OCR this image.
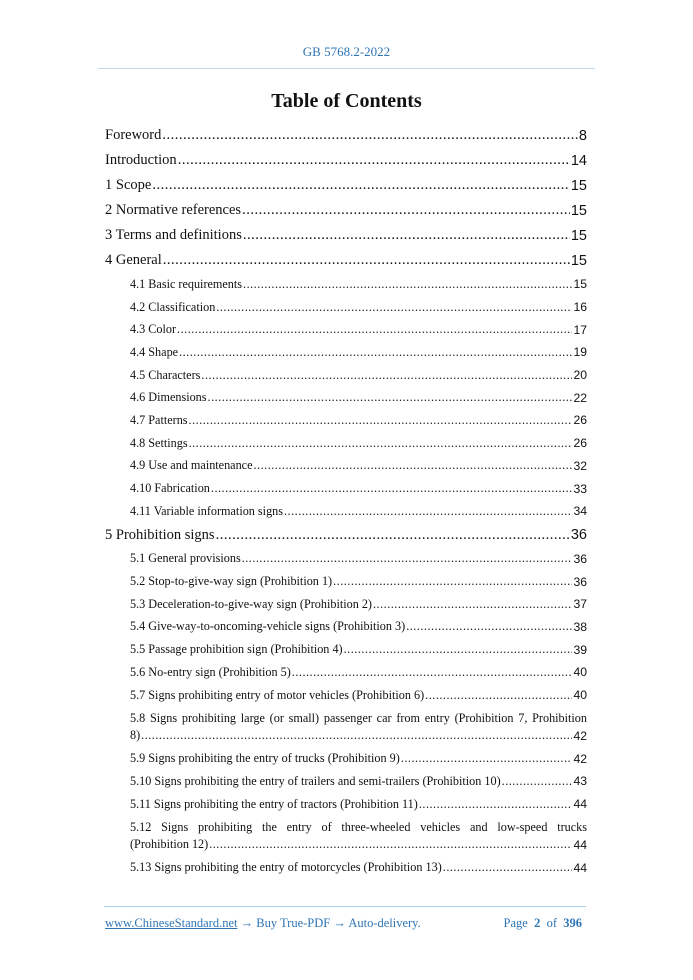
GB 5768.2-2022
Table of Contents
Foreword .....	8
Introduction .....	14
1 Scope .....	15
2 Normative references .....	15
3 Terms and definitions .....	15
4 General .....	15
4.1 Basic requirements .....	15
4.2 Classification .....	16
4.3 Color .....	17
4.4 Shape .....	19
4.5 Characters .....	20
4.6 Dimensions .....	22
4.7 Patterns .....	26
4.8 Settings .....	26
4.9 Use and maintenance .....	32
4.10 Fabrication .....	33
4.11 Variable information signs .....	34
5 Prohibition signs .....	36
5.1 General provisions .....	36
5.2 Stop-to-give-way sign (Prohibition 1) .....	36
5.3 Deceleration-to-give-way sign (Prohibition 2) .....	37
5.4 Give-way-to-oncoming-vehicle signs (Prohibition 3) .....	38
5.5 Passage prohibition sign (Prohibition 4) .....	39
5.6 No-entry sign (Prohibition 5) .....	40
5.7 Signs prohibiting entry of motor vehicles (Prohibition 6) .....	40
5.8 Signs prohibiting large (or small) passenger car from entry (Prohibition 7, Prohibition
8) .....	42
5.9 Signs prohibiting the entry of trucks (Prohibition 9) .....	42
5.10 Signs prohibiting the entry of trailers and semi-trailers (Prohibition 10) .....	43
5.11 Signs prohibiting the entry of tractors (Prohibition 11) .....	44
5.12 Signs prohibiting the entry of three-wheeled vehicles and low-speed trucks
(Prohibition 12) .....	44
5.13 Signs prohibiting the entry of motorcycles (Prohibition 13) .....	44
www.ChineseStandard.net → Buy True-PDF → Auto-delivery.	Page 2 of 396
